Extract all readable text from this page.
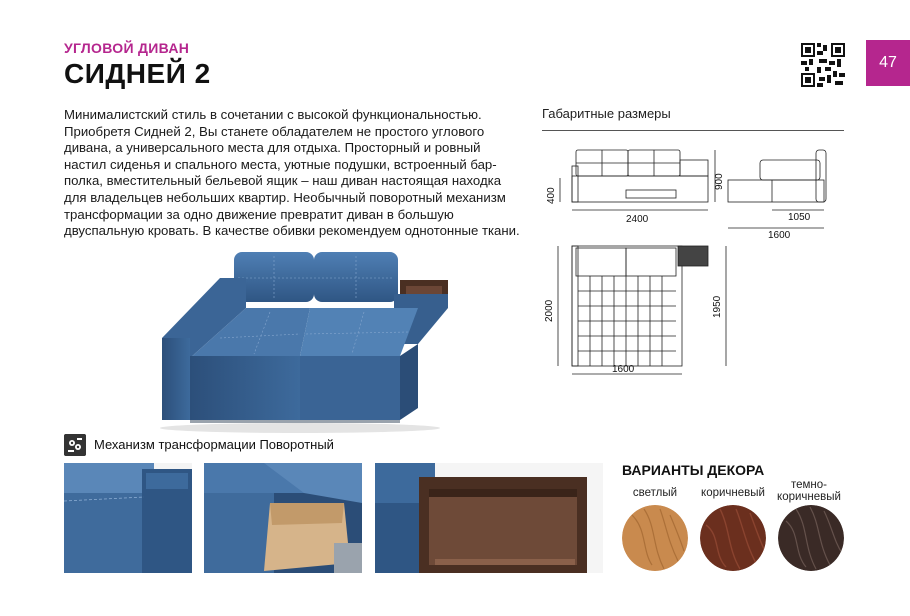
УГЛОВОЙ ДИВАН
СИДНЕЙ 2	47
Минималистский стиль в сочетании с высокой функциональностью. Приобретя Сидней 2, Вы станете обладателем не простого углового дивана, а универсального места для отдыха. Просторный и ровный настил сиденья и спального места, уютные подушки, встроенный бар-полка, вместительный бельевой ящик – наш диван настоящая находка для владельцев небольших квартир. Необычный поворотный механизм трансформации за одно движение превратит диван в большую двуспальную кровать. В качестве обивки рекомендуем однотонные ткани.
Габаритные размеры
400
900
2400	1050
1600
2000	1950
1600
Механизм трансформации Поворотный
ВАРИАНТЫ ДЕКОРА
светлый	коричневый
темно-коричневый
